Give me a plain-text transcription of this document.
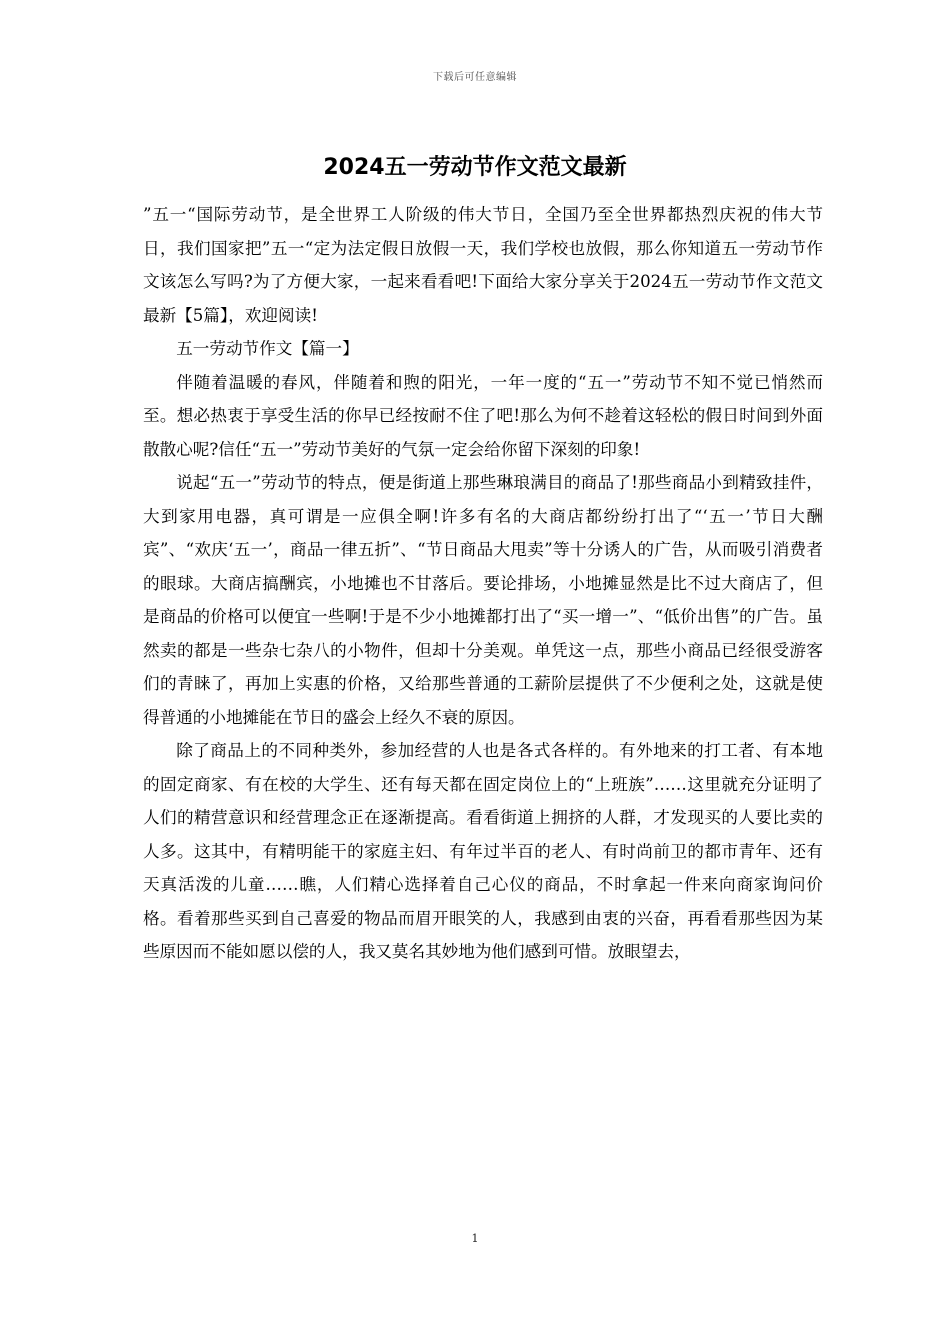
下载后可任意编辑
2024五一劳动节作文范文最新

”五一“国际劳动节，是全世界工人阶级的伟大节日，全国乃至全世界都热烈庆祝的伟大节日，我们国家把”五一“定为法定假日放假一天，我们学校也放假，那么你知道五一劳动节作文该怎么写吗?为了方便大家，一起来看看吧!下面给大家分享关于2024五一劳动节作文范文最新【5篇】，欢迎阅读!

五一劳动节作文【篇一】

伴随着温暖的春风，伴随着和煦的阳光，一年一度的“五一”劳动节不知不觉已悄然而至。想必热衷于享受生活的你早已经按耐不住了吧!那么为何不趁着这轻松的假日时间到外面散散心呢?信任“五一”劳动节美好的气氛一定会给你留下深刻的印象!

说起“五一”劳动节的特点，便是街道上那些琳琅满目的商品了!那些商品小到精致挂件，大到家用电器，真可谓是一应俱全啊!许多有名的大商店都纷纷打出了“‘五一’节日大酬宾”、“欢庆‘五一’，商品一律五折”、“节日商品大甩卖”等十分诱人的广告，从而吸引消费者的眼球。大商店搞酬宾，小地摊也不甘落后。要论排场，小地摊显然是比不过大商店了，但是商品的价格可以便宜一些啊!于是不少小地摊都打出了“买一增一”、“低价出售”的广告。虽然卖的都是一些杂七杂八的小物件，但却十分美观。单凭这一点，那些小商品已经很受游客们的青睐了，再加上实惠的价格，又给那些普通的工薪阶层提供了不少便利之处，这就是使得普通的小地摊能在节日的盛会上经久不衰的原因。

除了商品上的不同种类外，参加经营的人也是各式各样的。有外地来的打工者、有本地的固定商家、有在校的大学生、还有每天都在固定岗位上的“上班族”……这里就充分证明了人们的精营意识和经营理念正在逐渐提高。看看街道上拥挤的人群，才发现买的人要比卖的人多。这其中，有精明能干的家庭主妇、有年过半百的老人、有时尚前卫的都市青年、还有天真活泼的儿童……瞧，人们精心选择着自己心仪的商品，不时拿起一件来向商家询问价格。看着那些买到自己喜爱的物品而眉开眼笑的人，我感到由衷的兴奋，再看看那些因为某些原因而不能如愿以偿的人，我又莫名其妙地为他们感到可惜。放眼望去，

1
